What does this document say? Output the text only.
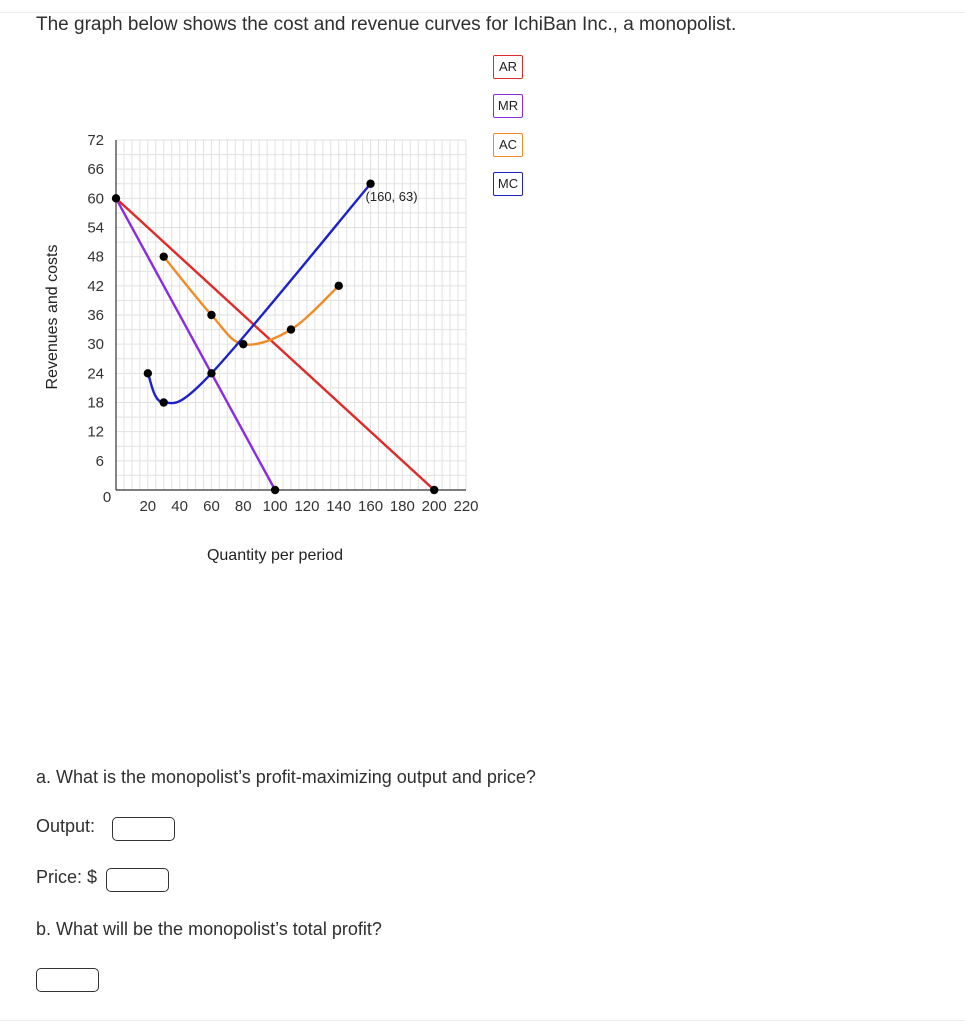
The graph below shows the cost and revenue curves for IchiBan Inc., a monopolist.
72
66
60
54
48
42
36
30
24
18
12
6
20 40 60 80 100 120 140 160 180 200 220
0
Quantity per period
Revenues and costs
(160, 63)
AR
MR
AC
MC
a. What is the monopolist’s profit-maximizing output and price?
Output:
Price: $
b. What will be the monopolist’s total profit?
